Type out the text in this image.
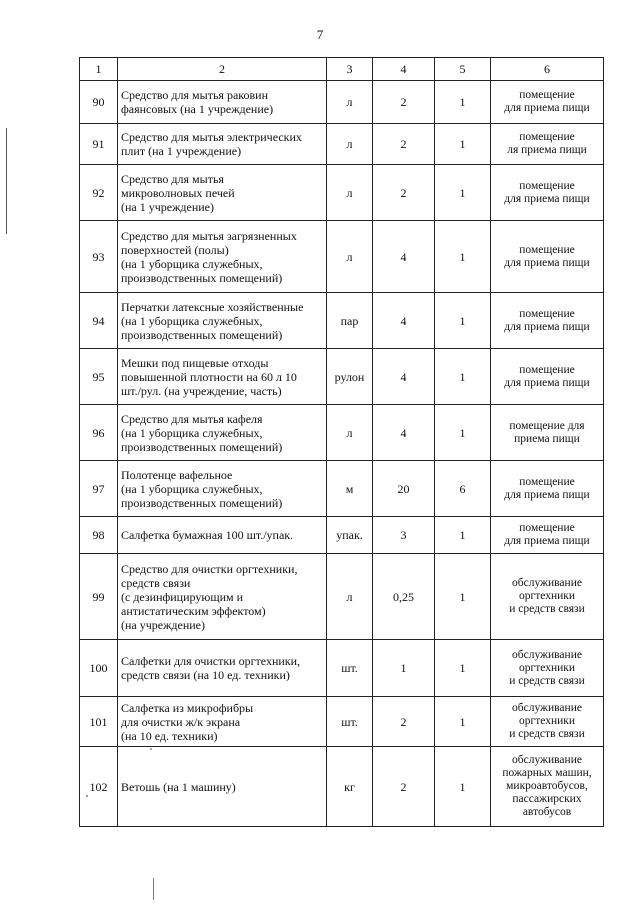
7
1	2	3	4	5	6
90	Средство для мытья раковин
фаянсовых (на 1 учреждение)	л	2	1	помещение
для приема пищи
91	Средство для мытья электрических
плит (на 1 учреждение)	л	2	1	помещение
ля приема пищи
92	Средство для мытья
микроволновых печей
(на 1 учреждение)	л	2	1	помещение
для приема пищи
93	Средство для мытья загрязненных
поверхностей (полы)
(на 1 уборщика служебных,
производственных помещений)	л	4	1	помещение
для приема пищи
94	Перчатки латексные хозяйственные
(на 1 уборщика служебных,
производственных помещений)	пар	4	1	помещение
для приема пищи
95	Мешки под пищевые отходы
повышенной плотности на 60 л 10
шт./рул. (на учреждение, часть)	рулон	4	1	помещение
для приема пищи
96	Средство для мытья кафеля
(на 1 уборщика служебных,
производственных помещений)	л	4	1	помещение для
приема пищи
97	Полотенце вафельное
(на 1 уборщика служебных,
производственных помещений)	м	20	6	помещение
для приема пищи
98	Салфетка бумажная 100 шт./упак.	упак.	3	1	помещение
для приема пищи
99	Средство для очистки оргтехники,
средств связи
(с дезинфицирующим и
антистатическим эффектом)
(на учреждение)	л	0,25	1	обслуживание
оргтехники
и средств связи
100	Салфетки для очистки оргтехники,
средств связи (на 10 ед. техники)	шт.	1	1	обслуживание
оргтехники
и средств связи
101	Салфетка из микрофибры
для очистки ж/к экрана
(на 10 ед. техники)	шт.	2	1	обслуживание
оргтехники
и средств связи
102	Ветошь (на 1 машину)	кг	2	1	обслуживание
пожарных машин,
микроавтобусов,
пассажирских
автобусов
